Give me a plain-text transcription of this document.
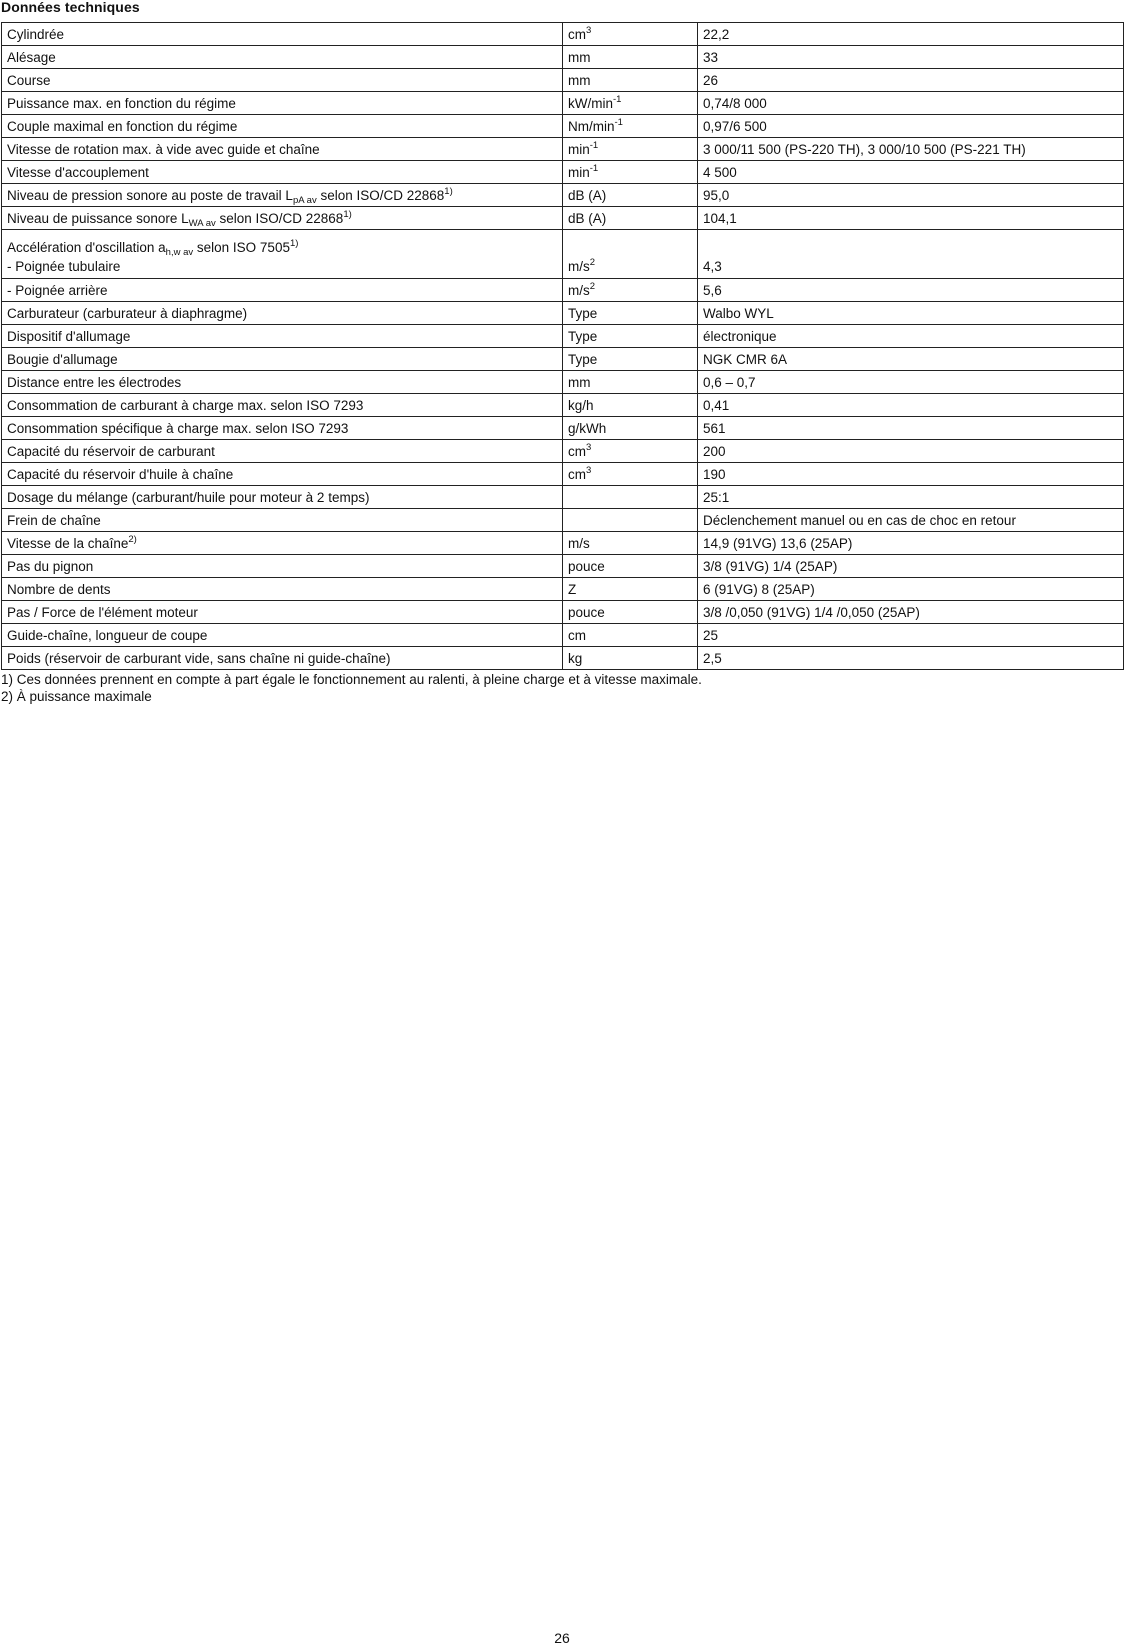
Données techniques
Cylindrée	$cm^3$	22,2
Alésage	mm	33
Course	mm	26
Puissance max. en fonction du régime	$kW/\min^{-1}$	0,74/8 000
Couple maximal en fonction du régime	$Nm/\min^{-1}$	0,97/6 500
Vitesse de rotation max. à vide avec guide et chaîne	$\min^{-1}$	3 000/11 500 (PS-220 TH), 3 000/10 500 (PS-221 TH)
Vitesse d'accouplement	$\min^{-1}$	4 500
Niveau de pression sonore au poste de travail $L_{pA av}$ selon ISO/CD 22868$^{1)}$	dB (A)	95,0
Niveau de puissance sonore $L_{WA av}$ selon ISO/CD 22868$^{1)}$	dB (A)	104,1

Accélération d'oscillation $a_{h,w av}$ selon ISO 7505$^{1)}$
- Poignée tubulaire	$m/s^2$	4,3
- Poignée arrière	$m/s^2$	5,6
Carburateur (carburateur à diaphragme)	Type	Walbo WYL
Dispositif d'allumage	Type	électronique
Bougie d'allumage	Type	NGK CMR 6A
Distance entre les électrodes	mm	0,6 – 0,7
Consommation de carburant à charge max. selon ISO 7293	kg/h	0,41
Consommation spécifique à charge max. selon ISO 7293	g/kWh	561
Capacité du réservoir de carburant	$cm^3$	200
Capacité du réservoir d'huile à chaîne	$cm^3$	190
Dosage du mélange (carburant/huile pour moteur à 2 temps)		25:1
Frein de chaîne		Déclenchement manuel ou en cas de choc en retour
Vitesse de la chaîne$^{2)}$	m/s	14,9 (91VG) 13,6 (25AP)
Pas du pignon	pouce	3/8 (91VG) 1/4 (25AP)
Nombre de dents	Z	6 (91VG) 8 (25AP)
Pas / Force de l'élément moteur	pouce	3/8 /0,050 (91VG) 1/4 /0,050 (25AP)
Guide-chaîne, longueur de coupe	cm	25
Poids (réservoir de carburant vide, sans chaîne ni guide-chaîne)	kg	2,5
1) Ces données prennent en compte à part égale le fonctionnement au ralenti, à pleine charge et à vitesse maximale.
2) À puissance maximale
26
